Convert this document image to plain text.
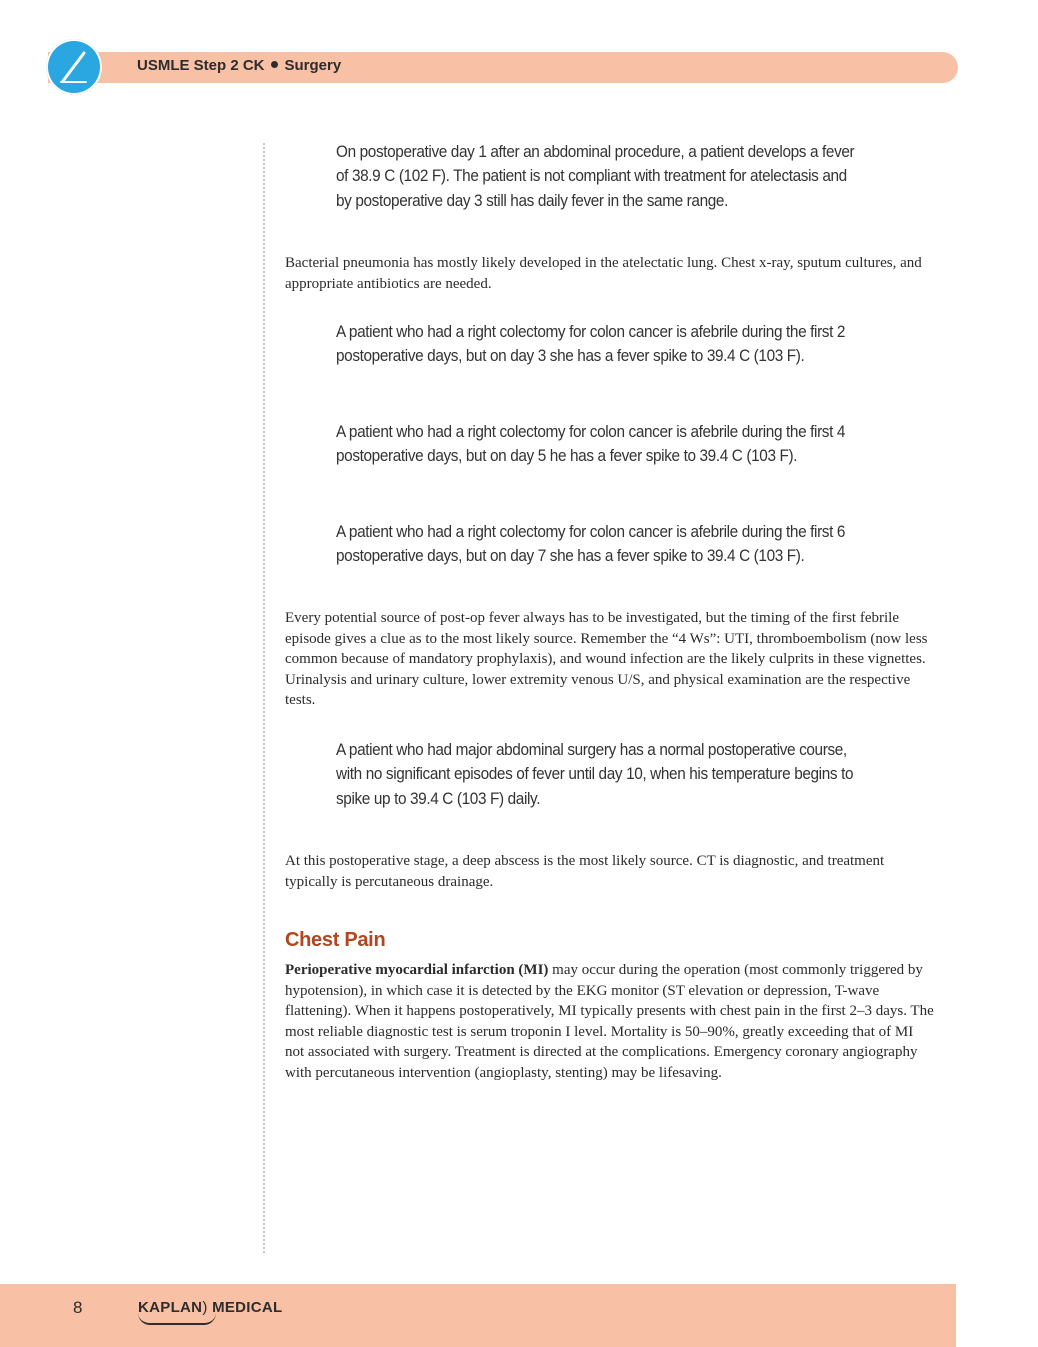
USMLE Step 2 CK Surgery
On postoperative day 1 after an abdominal procedure, a patient develops a fever of 38.9 C (102 F). The patient is not compliant with treatment for atelectasis and by postoperative day 3 still has daily fever in the same range.

Bacterial pneumonia has mostly likely developed in the atelectatic lung. Chest x-ray, sputum cultures, and appropriate antibiotics are needed.

A patient who had a right colectomy for colon cancer is afebrile during the first 2 postoperative days, but on day 3 she has a fever spike to 39.4 C (103 F).
A patient who had a right colectomy for colon cancer is afebrile during the first 4 postoperative days, but on day 5 he has a fever spike to 39.4 C (103 F).
A patient who had a right colectomy for colon cancer is afebrile during the first 6 postoperative days, but on day 7 she has a fever spike to 39.4 C (103 F).

Every potential source of post-op fever always has to be investigated, but the timing of the first febrile episode gives a clue as to the most likely source. Remember the “4 Ws”: UTI, thromboembolism (now less common because of mandatory prophylaxis), and wound infection are the likely culprits in these vignettes. Urinalysis and urinary culture, lower extremity venous U/S, and physical examination are the respective tests.

A patient who had major abdominal surgery has a normal postoperative course, with no significant episodes of fever until day 10, when his temperature begins to spike up to 39.4 C (103 F) daily.

At this postoperative stage, a deep abscess is the most likely source. CT is diagnostic, and treatment typically is percutaneous drainage.

Chest Pain

Perioperative myocardial infarction (MI) may occur during the operation (most commonly triggered by hypotension), in which case it is detected by the EKG monitor (ST elevation or depression, T-wave flattening). When it happens postoperatively, MI typically presents with chest pain in the first 2–3 days. The most reliable diagnostic test is serum troponin I level. Mortality is 50–90%, greatly exceeding that of MI not associated with surgery. Treatment is directed at the complications. Emergency coronary angiography with percutaneous intervention (angioplasty, stenting) may be lifesaving.

8	KAPLAN) MEDICAL
